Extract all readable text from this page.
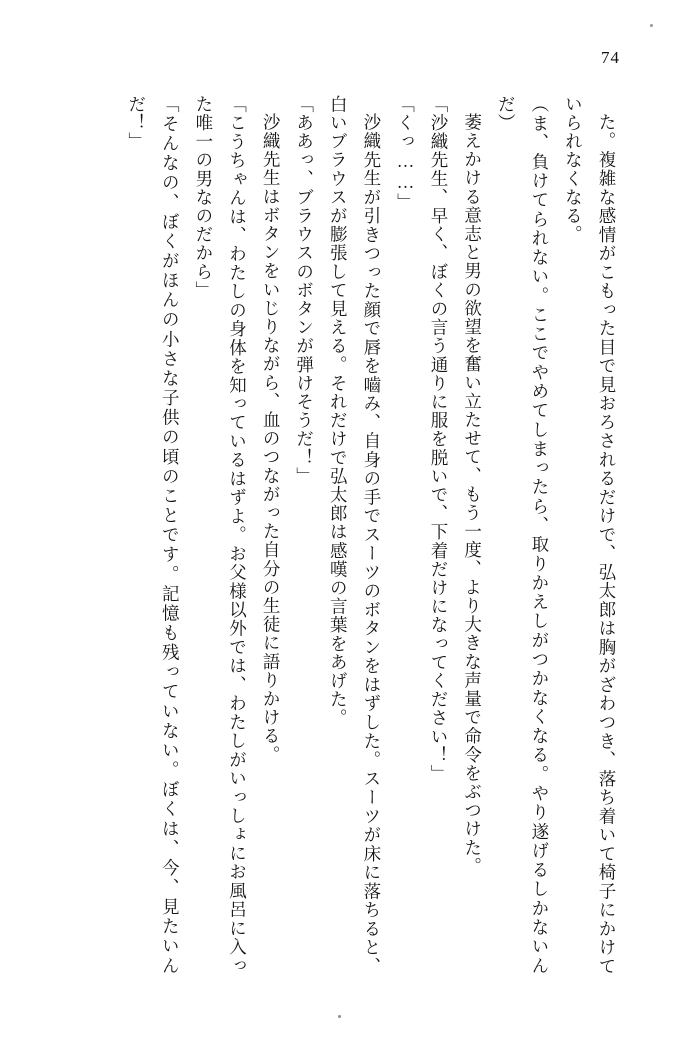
74

た。複雑な感情がこもった目で見おろされるだけで、弘太郎は胸がざわつき、落ち着いて椅子にかけていられなくなる。

（ま、負けてられない。ここでやめてしまったら、取りかえしがつかなくなる。やり遂げるしかないんだ）

萎えかける意志と男の欲望を奮い立たせて、もう一度、より大きな声量で命令をぶつけた。

「沙織先生、早く、ぼくの言う通りに服を脱いで、下着だけになってください！」

「くっ……」

沙織先生が引きつった顔で唇を嚙み、自身の手でスーツのボタンをはずした。スーツが床に落ちると、白いブラウスが膨張して見える。それだけで弘太郎は感嘆の言葉をあげた。

「ああっ、ブラウスのボタンが弾けそうだ！」

沙織先生はボタンをいじりながら、血のつながった自分の生徒に語りかける。

「こうちゃんは、わたしの身体を知っているはずよ。お父様以外では、わたしがいっしょにお風呂に入った唯一の男なのだから」

「そんなの、ぼくがほんの小さな子供の頃のことです。記憶も残っていない。ぼくは、今、見たいんだ！」
